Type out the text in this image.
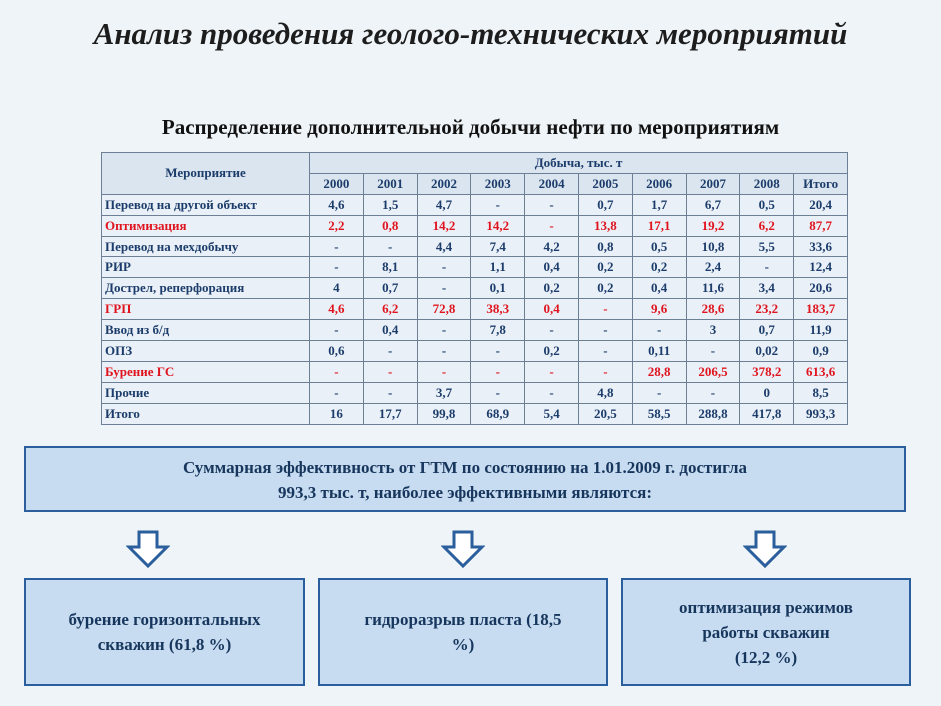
Анализ проведения геолого-технических мероприятий
Распределение дополнительной добычи нефти по мероприятиям
Мероприятие	Добыча, тыс. т									
	2000	2001	2002	2003	2004	2005	2006	2007	2008	Итого
Перевод на другой объект	4,6	1,5	4,7	-	-	0,7	1,7	6,7	0,5	20,4
Оптимизация	2,2	0,8	14,2	14,2	-	13,8	17,1	19,2	6,2	87,7
Перевод на мехдобычу	-	-	4,4	7,4	4,2	0,8	0,5	10,8	5,5	33,6
РИР	-	8,1	-	1,1	0,4	0,2	0,2	2,4	-	12,4
Дострел, реперфорация	4	0,7	-	0,1	0,2	0,2	0,4	11,6	3,4	20,6
ГРП	4,6	6,2	72,8	38,3	0,4	-	9,6	28,6	23,2	183,7
Ввод из б/д	-	0,4	-	7,8	-	-	-	3	0,7	11,9
ОПЗ	0,6	-	-	-	0,2	-	0,11	-	0,02	0,9
Бурение ГС	-	-	-	-	-	-	28,8	206,5	378,2	613,6
Прочие	-	-	3,7	-	-	4,8	-	-	0	8,5
Итого	16	17,7	99,8	68,9	5,4	20,5	58,5	288,8	417,8	993,3
Суммарная эффективность от ГТМ по состоянию на 1.01.2009 г. достигла
993,3 тыс. т, наиболее эффективными являются:
бурение горизонтальных
скважин (61,8 %)
гидроразрыв пласта (18,5
%)
оптимизация режимов
работы скважин
(12,2 %)
